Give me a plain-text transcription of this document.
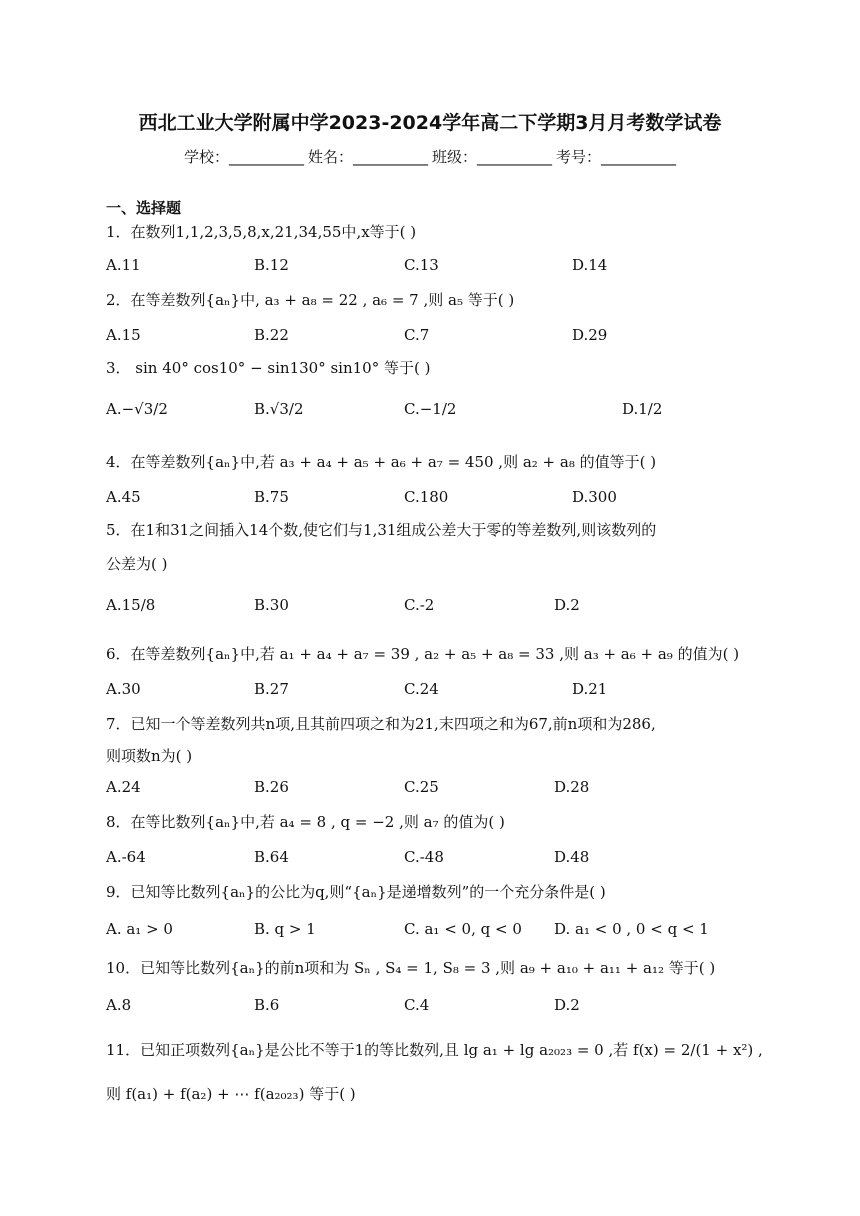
西北工业大学附属中学2023-2024学年高二下学期3月月考数学试卷
学校：__________ 姓名：__________ 班级：__________ 考号：__________
一、选择题
1．在数列1,1,2,3,5,8,x,21,34,55中,x等于( )
A.11	B.12	C.13	D.14
2．在等差数列{aₙ}中, a₃ + a₈ = 22 , a₆ = 7 ,则 a₅ 等于( )
A.15	B.22	C.7	D.29
3． sin 40° cos10° − sin130° sin10° 等于( )
A.−√3/2	B.√3/2	C.−1/2	D.1/2
4．在等差数列{aₙ}中,若 a₃ + a₄ + a₅ + a₆ + a₇ = 450 ,则 a₂ + a₈ 的值等于( )
A.45	B.75	C.180	D.300
5．在1和31之间插入14个数,使它们与1,31组成公差大于零的等差数列,则该数列的
公差为( )
A.15/8	B.30	C.-2	D.2
6．在等差数列{aₙ}中,若 a₁ + a₄ + a₇ = 39 , a₂ + a₅ + a₈ = 33 ,则 a₃ + a₆ + a₉ 的值为( )
A.30	B.27	C.24	D.21
7．已知一个等差数列共n项,且其前四项之和为21,末四项之和为67,前n项和为286,
则项数n为( )
A.24	B.26	C.25	D.28
8．在等比数列{aₙ}中,若 a₄ = 8 , q = −2 ,则 a₇ 的值为( )
A.-64	B.64	C.-48	D.48
9．已知等比数列{aₙ}的公比为q,则“{aₙ}是递增数列”的一个充分条件是( )
A. a₁ > 0	B. q > 1	C. a₁ < 0, q < 0 D. a₁ < 0 , 0 < q < 1
10．已知等比数列{aₙ}的前n项和为 Sₙ , S₄ = 1, S₈ = 3 ,则 a₉ + a₁₀ + a₁₁ + a₁₂ 等于( )
A.8	B.6	C.4	D.2
11．已知正项数列{aₙ}是公比不等于1的等比数列,且 lg a₁ + lg a₂₀₂₃ = 0 ,若 f(x) = 2/(1 + x²) ,
则 f(a₁) + f(a₂) + ⋯ f(a₂₀₂₃) 等于( )
